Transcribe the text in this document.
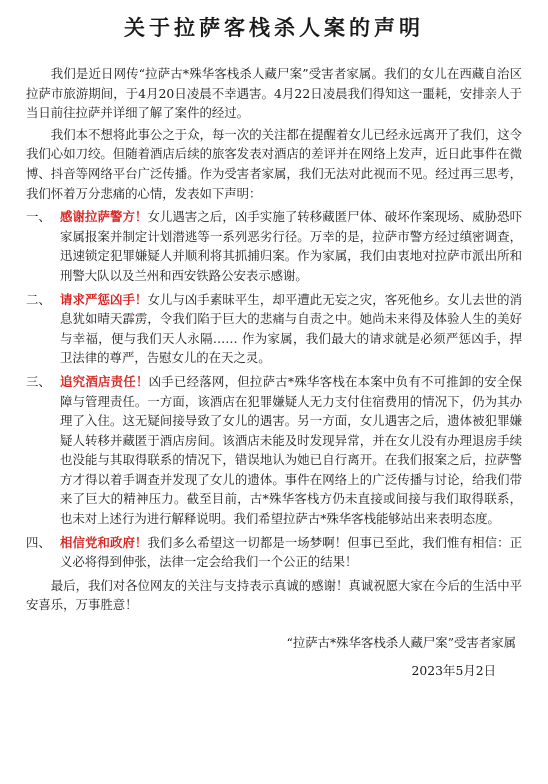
关于拉萨客栈杀人案的声明

我们是近日网传“拉萨古*殊华客栈杀人藏尸案”受害者家属。我们的女儿在西藏自治区拉萨市旅游期间，于4月20日凌晨不幸遇害。4月22日凌晨我们得知这一噩耗，安排亲人于当日前往拉萨并详细了解了案件的经过。

我们本不想将此事公之于众，每一次的关注都在提醒着女儿已经永远离开了我们，这令我们心如刀绞。但随着酒店后续的旅客发表对酒店的差评并在网络上发声，近日此事件在微博、抖音等网络平台广泛传播。作为受害者家属，我们无法对此视而不见。经过再三思考，我们怀着万分悲痛的心情，发表如下声明：

一、 感谢拉萨警方！女儿遇害之后，凶手实施了转移藏匿尸体、破坏作案现场、威胁恐吓家属报案并制定计划潜逃等一系列恶劣行径。万幸的是，拉萨市警方经过缜密调查，迅速锁定犯罪嫌疑人并顺利将其抓捕归案。作为家属，我们由衷地对拉萨市派出所和刑警大队以及兰州和西安铁路公安表示感谢。
二、 请求严惩凶手！女儿与凶手素昧平生，却平遭此无妄之灾，客死他乡。女儿去世的消息犹如晴天霹雳，令我们陷于巨大的悲痛与自责之中。她尚未来得及体验人生的美好与幸福，便与我们天人永隔…… 作为家属，我们最大的请求就是必须严惩凶手，捍卫法律的尊严，告慰女儿的在天之灵。
三、 追究酒店责任！凶手已经落网，但拉萨古*殊华客栈在本案中负有不可推卸的安全保障与管理责任。一方面，该酒店在犯罪嫌疑人无力支付住宿费用的情况下，仍为其办理了入住。这无疑间接导致了女儿的遇害。另一方面，女儿遇害之后，遗体被犯罪嫌疑人转移并藏匿于酒店房间。该酒店未能及时发现异常，并在女儿没有办理退房手续也没能与其取得联系的情况下，错误地认为她已自行离开。在我们报案之后，拉萨警方才得以着手调查并发现了女儿的遗体。事件在网络上的广泛传播与讨论，给我们带来了巨大的精神压力。截至目前，古*殊华客栈方仍未直接或间接与我们取得联系，也未对上述行为进行解释说明。我们希望拉萨古*殊华客栈能够站出来表明态度。
四、 相信党和政府！我们多么希望这一切都是一场梦啊！但事已至此，我们惟有相信：正义必将得到伸张，法律一定会给我们一个公正的结果！

最后，我们对各位网友的关注与支持表示真诚的感谢！真诚祝愿大家在今后的生活中平安喜乐，万事胜意！

“拉萨古*殊华客栈杀人藏尸案”受害者家属
2023年5月2日
